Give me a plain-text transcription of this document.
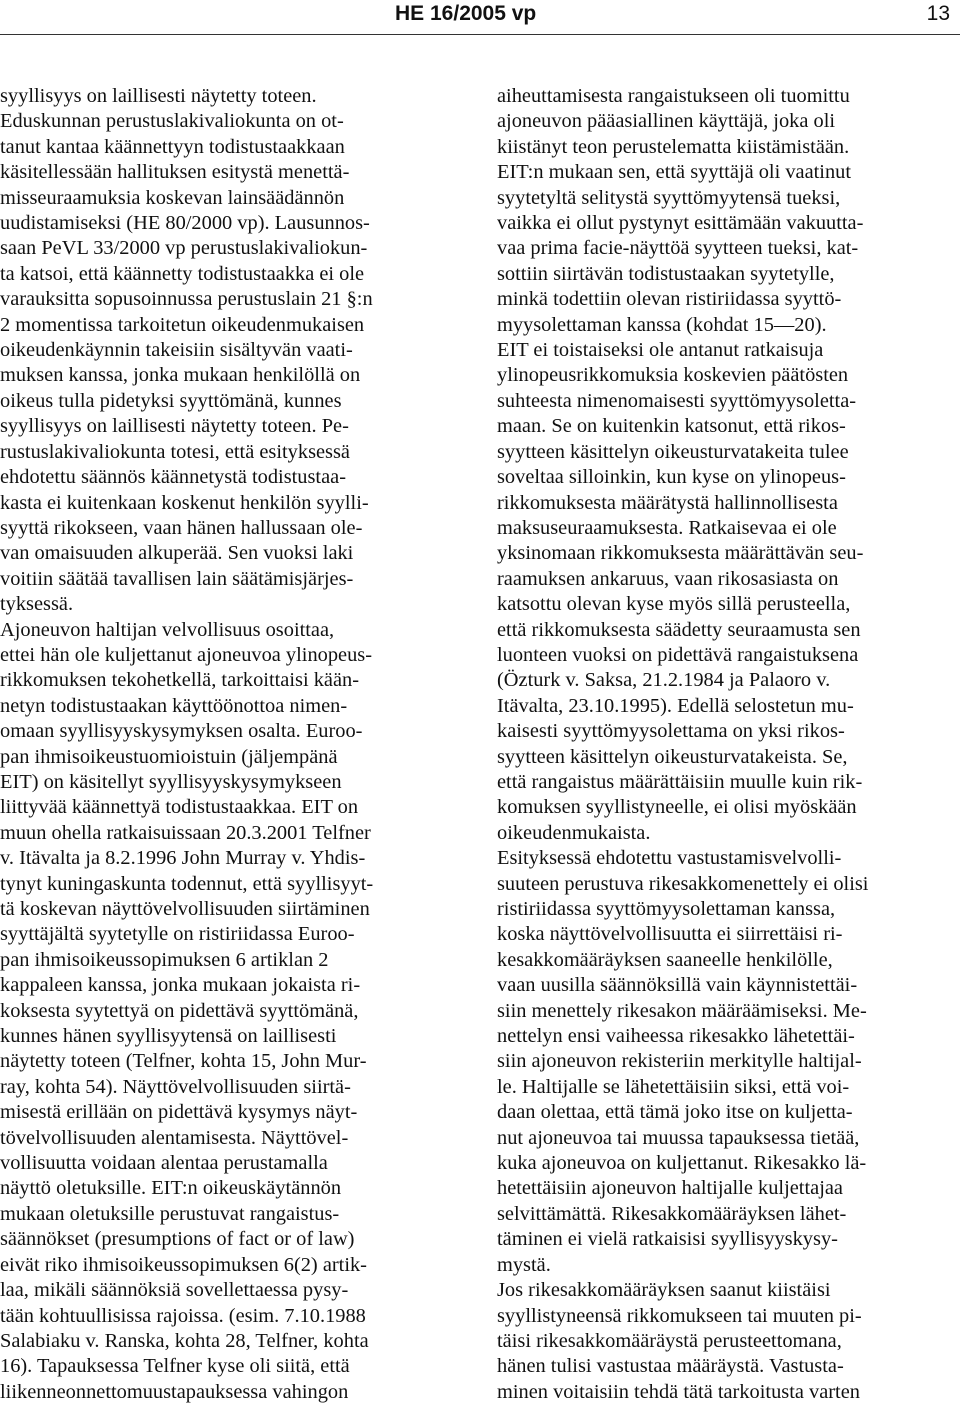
HE 16/2005 vp	13

syyllisyys on laillisesti näytetty toteen.
Eduskunnan perustuslakivaliokunta on ot-
tanut kantaa käännettyyn todistustaakkaan
käsitellessään hallituksen esitystä menettä-
misseuraamuksia koskevan lainsäädännön
uudistamiseksi (HE 80/2000 vp). Lausunnos-
saan PeVL 33/2000 vp perustuslakivaliokun-
ta katsoi, että käännetty todistustaakka ei ole
varauksitta sopusoinnussa perustuslain 21 §:n
2 momentissa tarkoitetun oikeudenmukaisen
oikeudenkäynnin takeisiin sisältyvän vaati-
muksen kanssa, jonka mukaan henkilöllä on
oikeus tulla pidetyksi syyttömänä, kunnes
syyllisyys on laillisesti näytetty toteen. Pe-
rustuslakivaliokunta totesi, että esityksessä
ehdotettu säännös käännetystä todistustaa-
kasta ei kuitenkaan koskenut henkilön syylli-
syyttä rikokseen, vaan hänen hallussaan ole-
van omaisuuden alkuperää. Sen vuoksi laki
voitiin säätää tavallisen lain säätämisjärjes-
tyksessä.

Ajoneuvon haltijan velvollisuus osoittaa,
ettei hän ole kuljettanut ajoneuvoa ylinopeus-
rikkomuksen tekohetkellä, tarkoittaisi kään-
netyn todistustaakan käyttöönottoa nimen-
omaan syyllisyyskysymyksen osalta. Euroo-
pan ihmisoikeustuomioistuin (jäljempänä
EIT) on käsitellyt syyllisyyskysymykseen
liittyvää käännettyä todistustaakkaa. EIT on
muun ohella ratkaisuissaan 20.3.2001 Telfner
v. Itävalta ja 8.2.1996 John Murray v. Yhdis-
tynyt kuningaskunta todennut, että syyllisyyt-
tä koskevan näyttövelvollisuuden siirtäminen
syyttäjältä syytetylle on ristiriidassa Euroo-
pan ihmisoikeussopimuksen 6 artiklan 2
kappaleen kanssa, jonka mukaan jokaista ri-
koksesta syytettyä on pidettävä syyttömänä,
kunnes hänen syyllisyytensä on laillisesti
näytetty toteen (Telfner, kohta 15, John Mur-
ray, kohta 54). Näyttövelvollisuuden siirtä-
misestä erillään on pidettävä kysymys näyt-
tövelvollisuuden alentamisesta. Näyttövel-
vollisuutta voidaan alentaa perustamalla
näyttö oletuksille. EIT:n oikeuskäytännön
mukaan oletuksille perustuvat rangaistus-
säännökset (presumptions of fact or of law)
eivät riko ihmisoikeussopimuksen 6(2) artik-
laa, mikäli säännöksiä sovellettaessa pysy-
tään kohtuullisissa rajoissa. (esim. 7.10.1988
Salabiaku v. Ranska, kohta 28, Telfner, kohta
16). Tapauksessa Telfner kyse oli siitä, että
liikenneonnettomuustapauksessa vahingon

aiheuttamisesta rangaistukseen oli tuomittu
ajoneuvon pääasiallinen käyttäjä, joka oli
kiistänyt teon perustelematta kiistämistään.
EIT:n mukaan sen, että syyttäjä oli vaatinut
syytetyltä selitystä syyttömyytensä tueksi,
vaikka ei ollut pystynyt esittämään vakuutta-
vaa prima facie-näyttöä syytteen tueksi, kat-
sottiin siirtävän todistustaakan syytetylle,
minkä todettiin olevan ristiriidassa syyttö-
myysolettaman kanssa (kohdat 15—20).

EIT ei toistaiseksi ole antanut ratkaisuja
ylinopeusrikkomuksia koskevien päätösten
suhteesta nimenomaisesti syyttömyysoletta-
maan. Se on kuitenkin katsonut, että rikos-
syytteen käsittelyn oikeusturvatakeita tulee
soveltaa silloinkin, kun kyse on ylinopeus-
rikkomuksesta määrätystä hallinnollisesta
maksuseuraamuksesta. Ratkaisevaa ei ole
yksinomaan rikkomuksesta määrättävän seu-
raamuksen ankaruus, vaan rikosasiasta on
katsottu olevan kyse myös sillä perusteella,
että rikkomuksesta säädetty seuraamusta sen
luonteen vuoksi on pidettävä rangaistuksena
(Özturk v. Saksa, 21.2.1984 ja Palaoro v.
Itävalta, 23.10.1995). Edellä selostetun mu-
kaisesti syyttömyysolettama on yksi rikos-
syytteen käsittelyn oikeusturvatakeista. Se,
että rangaistus määrättäisiin muulle kuin rik-
komuksen syyllistyneelle, ei olisi myöskään
oikeudenmukaista.

Esityksessä ehdotettu vastustamisvelvolli-
suuteen perustuva rikesakkomenettely ei olisi
ristiriidassa syyttömyysolettaman kanssa,
koska näyttövelvollisuutta ei siirrettäisi ri-
kesakkomääräyksen saaneelle henkilölle,
vaan uusilla säännöksillä vain käynnistettäi-
siin menettely rikesakon määräämiseksi. Me-
nettelyn ensi vaiheessa rikesakko lähetettäi-
siin ajoneuvon rekisteriin merkitylle haltijal-
le. Haltijalle se lähetettäisiin siksi, että voi-
daan olettaa, että tämä joko itse on kuljetta-
nut ajoneuvoa tai muussa tapauksessa tietää,
kuka ajoneuvoa on kuljettanut. Rikesakko lä-
hetettäisiin ajoneuvon haltijalle kuljettajaa
selvittämättä. Rikesakkomääräyksen lähet-
täminen ei vielä ratkaisisi syyllisyyskysy-
mystä.

Jos rikesakkomääräyksen saanut kiistäisi
syyllistyneensä rikkomukseen tai muuten pi-
täisi rikesakkomääräystä perusteettomana,
hänen tulisi vastustaa määräystä. Vastusta-
minen voitaisiin tehdä tätä tarkoitusta varten
